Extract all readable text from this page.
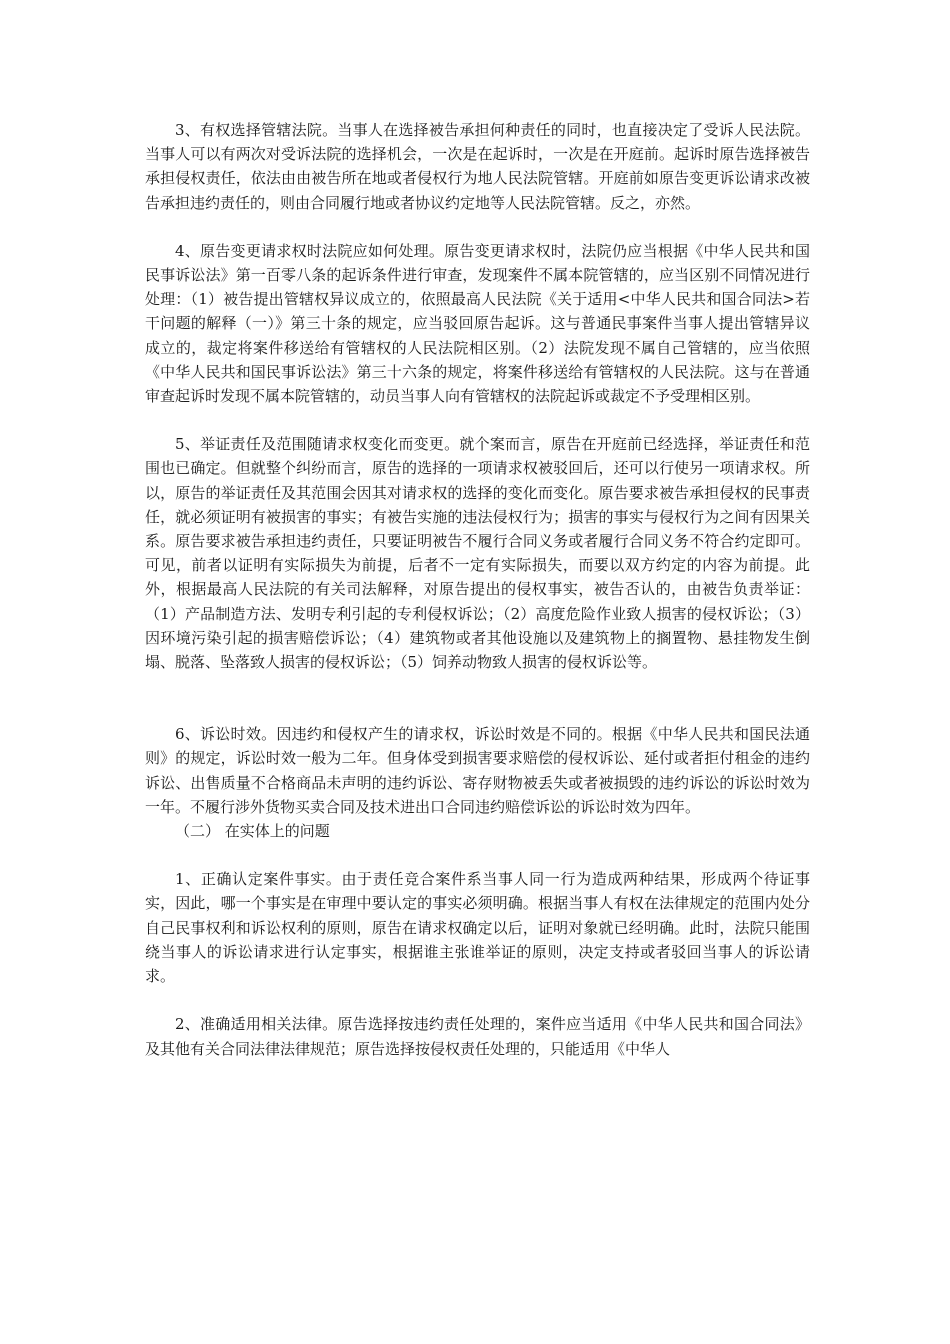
3、有权选择管辖法院。当事人在选择被告承担何种责任的同时，也直接决定了受诉人民法院。当事人可以有两次对受诉法院的选择机会，一次是在起诉时，一次是在开庭前。起诉时原告选择被告承担侵权责任，依法由由被告所在地或者侵权行为地人民法院管辖。开庭前如原告变更诉讼请求改被告承担违约责任的，则由合同履行地或者协议约定地等人民法院管辖。反之，亦然。

4、原告变更请求权时法院应如何处理。原告变更请求权时，法院仍应当根据《中华人民共和国民事诉讼法》第一百零八条的起诉条件进行审查，发现案件不属本院管辖的，应当区别不同情况进行处理：（1）被告提出管辖权异议成立的，依照最高人民法院《关于适用<中华人民共和国合同法>若干问题的解释（一）》第三十条的规定，应当驳回原告起诉。这与普通民事案件当事人提出管辖异议成立的，裁定将案件移送给有管辖权的人民法院相区别。（2）法院发现不属自己管辖的，应当依照《中华人民共和国民事诉讼法》第三十六条的规定，将案件移送给有管辖权的人民法院。这与在普通审查起诉时发现不属本院管辖的，动员当事人向有管辖权的法院起诉或裁定不予受理相区别。

5、举证责任及范围随请求权变化而变更。就个案而言，原告在开庭前已经选择，举证责任和范围也已确定。但就整个纠纷而言，原告的选择的一项请求权被驳回后，还可以行使另一项请求权。所以，原告的举证责任及其范围会因其对请求权的选择的变化而变化。原告要求被告承担侵权的民事责任，就必须证明有被损害的事实；有被告实施的违法侵权行为；损害的事实与侵权行为之间有因果关系。原告要求被告承担违约责任，只要证明被告不履行合同义务或者履行合同义务不符合约定即可。可见，前者以证明有实际损失为前提，后者不一定有实际损失，而要以双方约定的内容为前提。此外，根据最高人民法院的有关司法解释，对原告提出的侵权事实，被告否认的，由被告负责举证：（1）产品制造方法、发明专利引起的专利侵权诉讼；（2）高度危险作业致人损害的侵权诉讼；（3）因环境污染引起的损害赔偿诉讼；（4）建筑物或者其他设施以及建筑物上的搁置物、悬挂物发生倒塌、脱落、坠落致人损害的侵权诉讼；（5）饲养动物致人损害的侵权诉讼等。

6、诉讼时效。因违约和侵权产生的请求权，诉讼时效是不同的。根据《中华人民共和国民法通则》的规定，诉讼时效一般为二年。但身体受到损害要求赔偿的侵权诉讼、延付或者拒付租金的违约诉讼、出售质量不合格商品未声明的违约诉讼、寄存财物被丢失或者被损毁的违约诉讼的诉讼时效为一年。不履行涉外货物买卖合同及技术进出口合同违约赔偿诉讼的诉讼时效为四年。

（二） 在实体上的问题

1、正确认定案件事实。由于责任竞合案件系当事人同一行为造成两种结果，形成两个待证事实，因此，哪一个事实是在审理中要认定的事实必须明确。根据当事人有权在法律规定的范围内处分自己民事权利和诉讼权利的原则，原告在请求权确定以后，证明对象就已经明确。此时，法院只能围绕当事人的诉讼请求进行认定事实，根据谁主张谁举证的原则，决定支持或者驳回当事人的诉讼请求。

2、准确适用相关法律。原告选择按违约责任处理的，案件应当适用《中华人民共和国合同法》及其他有关合同法律法律规范；原告选择按侵权责任处理的，只能适用《中华人
